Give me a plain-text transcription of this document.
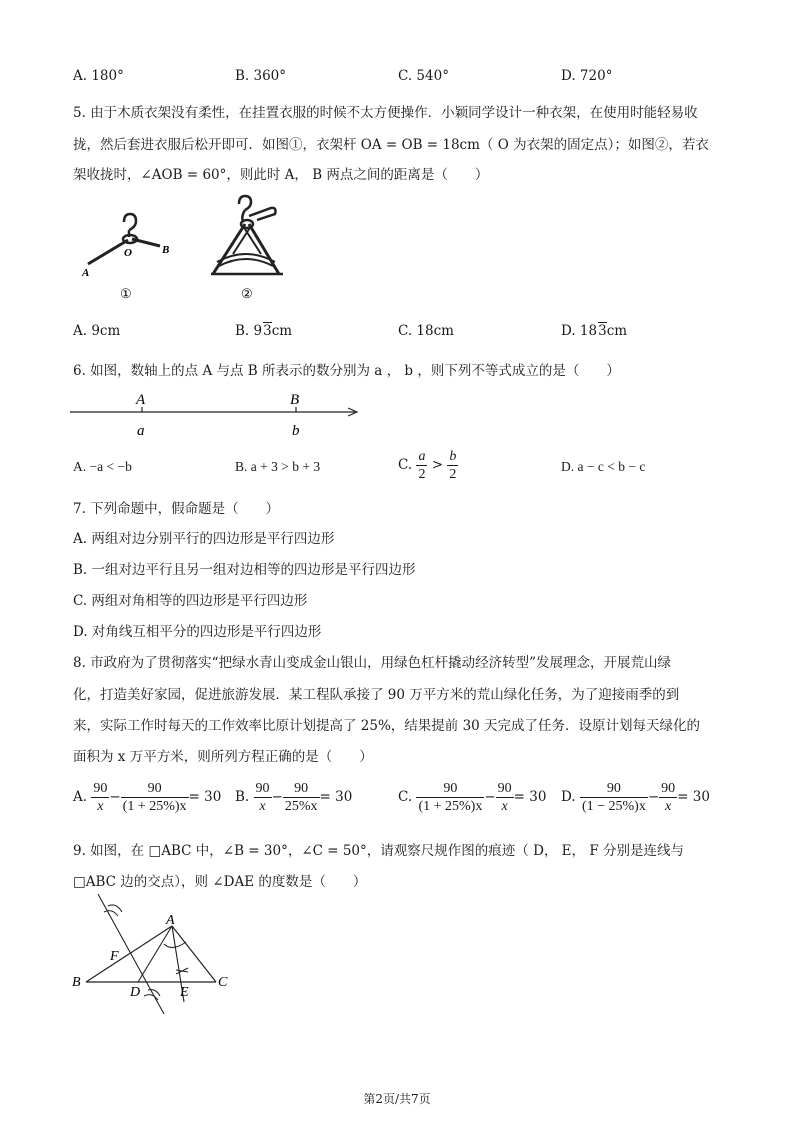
A. 180°	B. 360°	C. 540°	D. 720°
5. 由于木质衣架没有柔性，在挂置衣服的时候不太方便操作．小颖同学设计一种衣架，在使用时能轻易收
拢，然后套进衣服后松开即可．如图①，衣架杆 OA = OB = 18cm（ O 为衣架的固定点）；如图②，若衣
架收拢时，∠AOB = 60°，则此时 A， B 两点之间的距离是（　　）
A
O	B
①	②
A. 9cm	B. 93cm	C. 18cm	D. 183cm
6. 如图，数轴上的点 A 与点 B 所表示的数分别为 a ， b ，则下列不等式成立的是（　　）
A	B
a	b
A. −a < −b	B. a + 3 > b + 3	C. $\frac{a}{2} > \frac{b}{2}$	D. a − c < b − c
7. 下列命题中，假命题是（　　）
A. 两组对边分别平行的四边形是平行四边形
B. 一组对边平行且另一组对边相等的四边形是平行四边形
C. 两组对角相等的四边形是平行四边形
D. 对角线互相平分的四边形是平行四边形
8. 市政府为了贯彻落实“把绿水青山变成金山银山，用绿色杠杆撬动经济转型”发展理念，开展荒山绿
化，打造美好家园，促进旅游发展．某工程队承接了 90 万平方米的荒山绿化任务，为了迎接雨季的到
来，实际工作时每天的工作效率比原计划提高了 25%，结果提前 30 天完成了任务．设原计划每天绿化的
面积为 x 万平方米，则所列方程正确的是（　　）
A. $\frac{90}{x} - \frac{90}{(1 + 25\%)x} = 30$ B. $\frac{90}{x} - \frac{90}{25\%x} = 30$	C. $\frac{90}{(1 + 25\%)x} - \frac{90}{x} = 30$ D. $\frac{90}{(1 - 25\%)x} - \frac{90}{x} = 30$
9. 如图，在 □ABC 中，∠B = 30°，∠C = 50°，请观察尺规作图的痕迹（ D， E， F 分别是连线与
□ABC 边的交点），则 ∠DAE 的度数是（　　）
A
B	C
D	E
F
第2页/共7页
